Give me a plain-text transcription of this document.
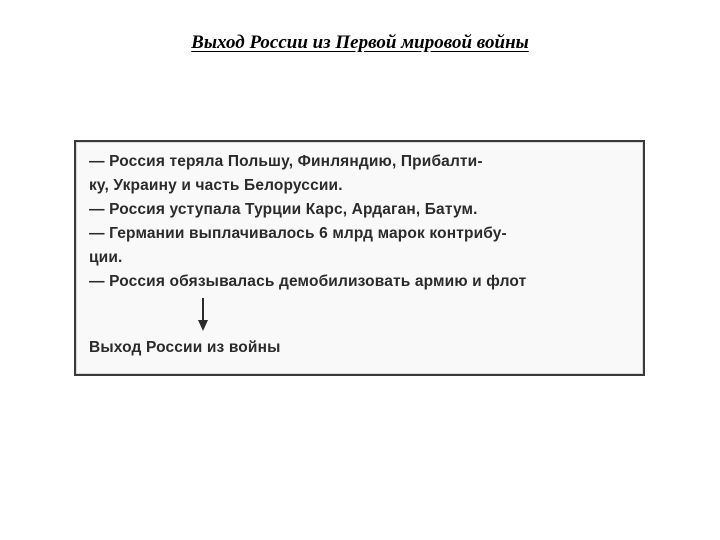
Выход России из Первой мировой войны
— Россия теряла Польшу, Финляндию, Прибалти-
ку, Украину и часть Белоруссии.
— Россия уступала Турции Карс, Ардаган, Батум.
— Германии выплачивалось 6 млрд марок контрибу-
ции.
— Россия обязывалась демобилизовать армию и флот
Выход России из войны
